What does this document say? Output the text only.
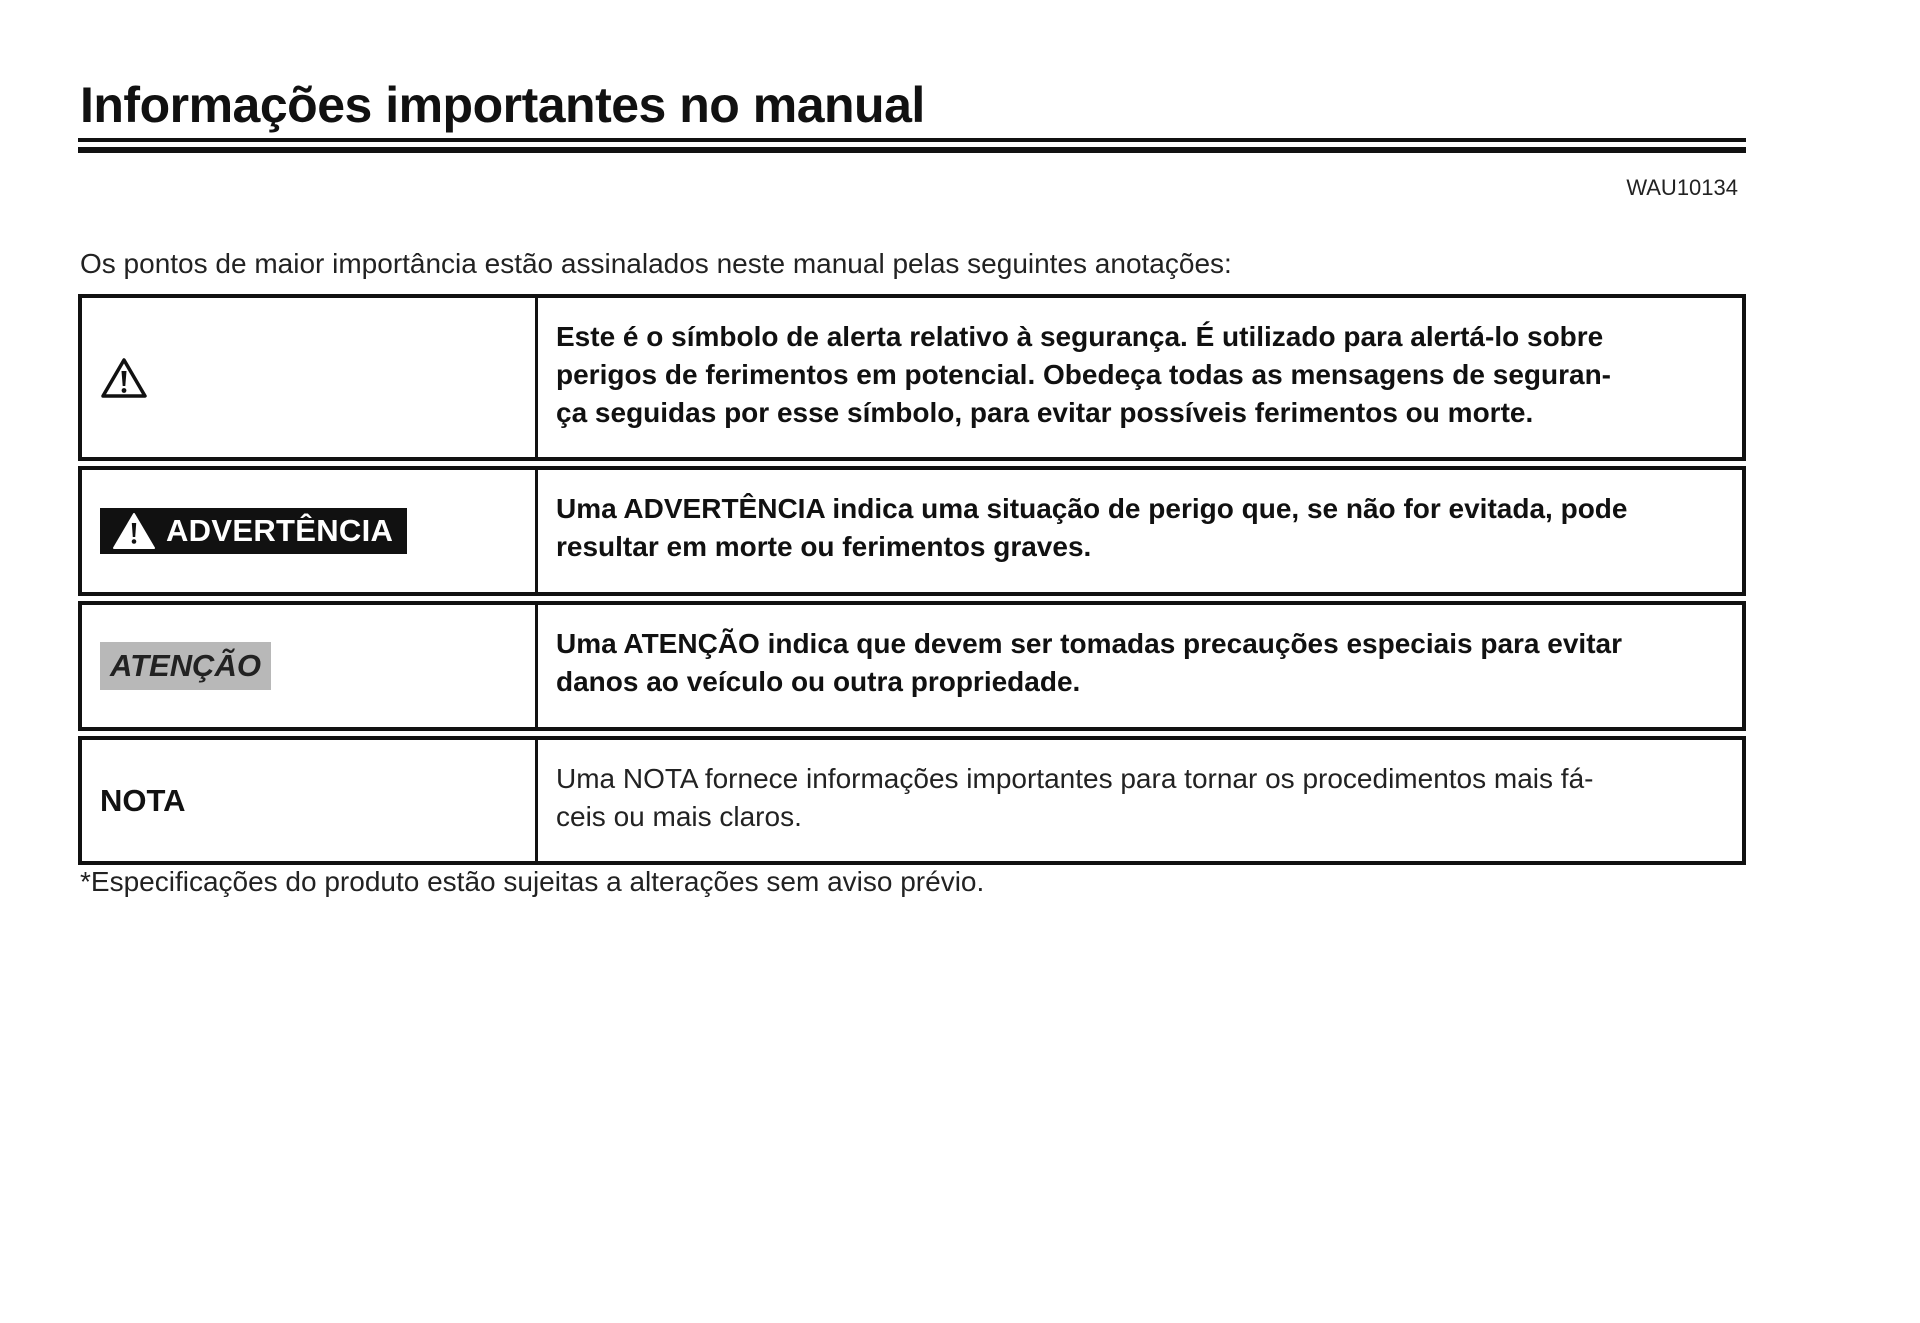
Informações importantes no manual
WAU10134
Os pontos de maior importância estão assinalados neste manual pelas seguintes anotações:
Este é o símbolo de alerta relativo à segurança. É utilizado para alertá-lo sobre
perigos de ferimentos em potencial. Obedeça todas as mensagens de seguran-
ça seguidas por esse símbolo, para evitar possíveis ferimentos ou morte.
ADVERTÊNCIA
Uma ADVERTÊNCIA indica uma situação de perigo que, se não for evitada, pode
resultar em morte ou ferimentos graves.
ATENÇÃO
Uma ATENÇÃO indica que devem ser tomadas precauções especiais para evitar
danos ao veículo ou outra propriedade.
NOTA
Uma NOTA fornece informações importantes para tornar os procedimentos mais fá-
ceis ou mais claros.
*Especificações do produto estão sujeitas a alterações sem aviso prévio.
